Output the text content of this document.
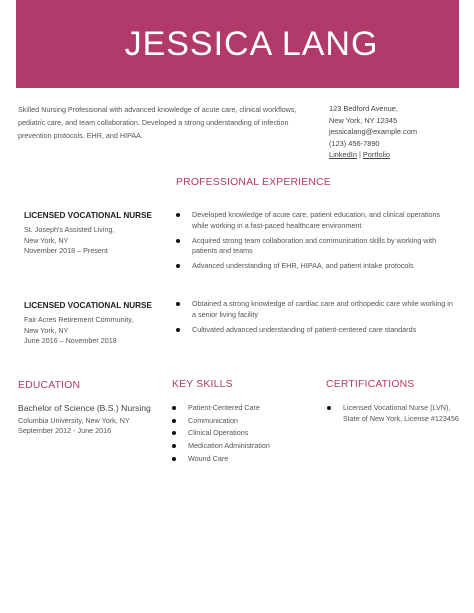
JESSICA LANG
Skilled Nursing Professional with advanced knowledge of acute care, clinical workflows, pediatric care, and team collaboration. Developed a strong understanding of infection prevention protocols, EHR, and HIPAA.
123 Bedford Avenue,
New York, NY 12345
jessicalang@example.com
(123) 456-7890
LinkedIn | Portfolio
PROFESSIONAL EXPERIENCE
LICENSED VOCATIONAL NURSE
St. Joseph's Assisted Living,
New York, NY
November 2018 – Present
Developed knowledge of acute care, patient education, and clinical operations while working in a fast-paced healthcare environment
Acquired strong team collaboration and communication skills by working with patients and teams
Advanced understanding of EHR, HIPAA, and patient intake protocols
LICENSED VOCATIONAL NURSE
Fair Acres Retirement Community,
New York, NY
June 2016 – November 2018
Obtained a strong knowledge of cardiac care and orthopedic care while working in a senior living facility
Cultivated advanced understanding of patient-centered care standards
EDUCATION
Bachelor of Science (B.S.) Nursing
Columbia University, New York, NY
September 2012 - June 2016
KEY SKILLS
Patient-Centered Care
Communication
Clinical Operations
Medication Administration
Wound Care
CERTIFICATIONS
Licensed Vocational Nurse (LVN), State of New York, License #123456
